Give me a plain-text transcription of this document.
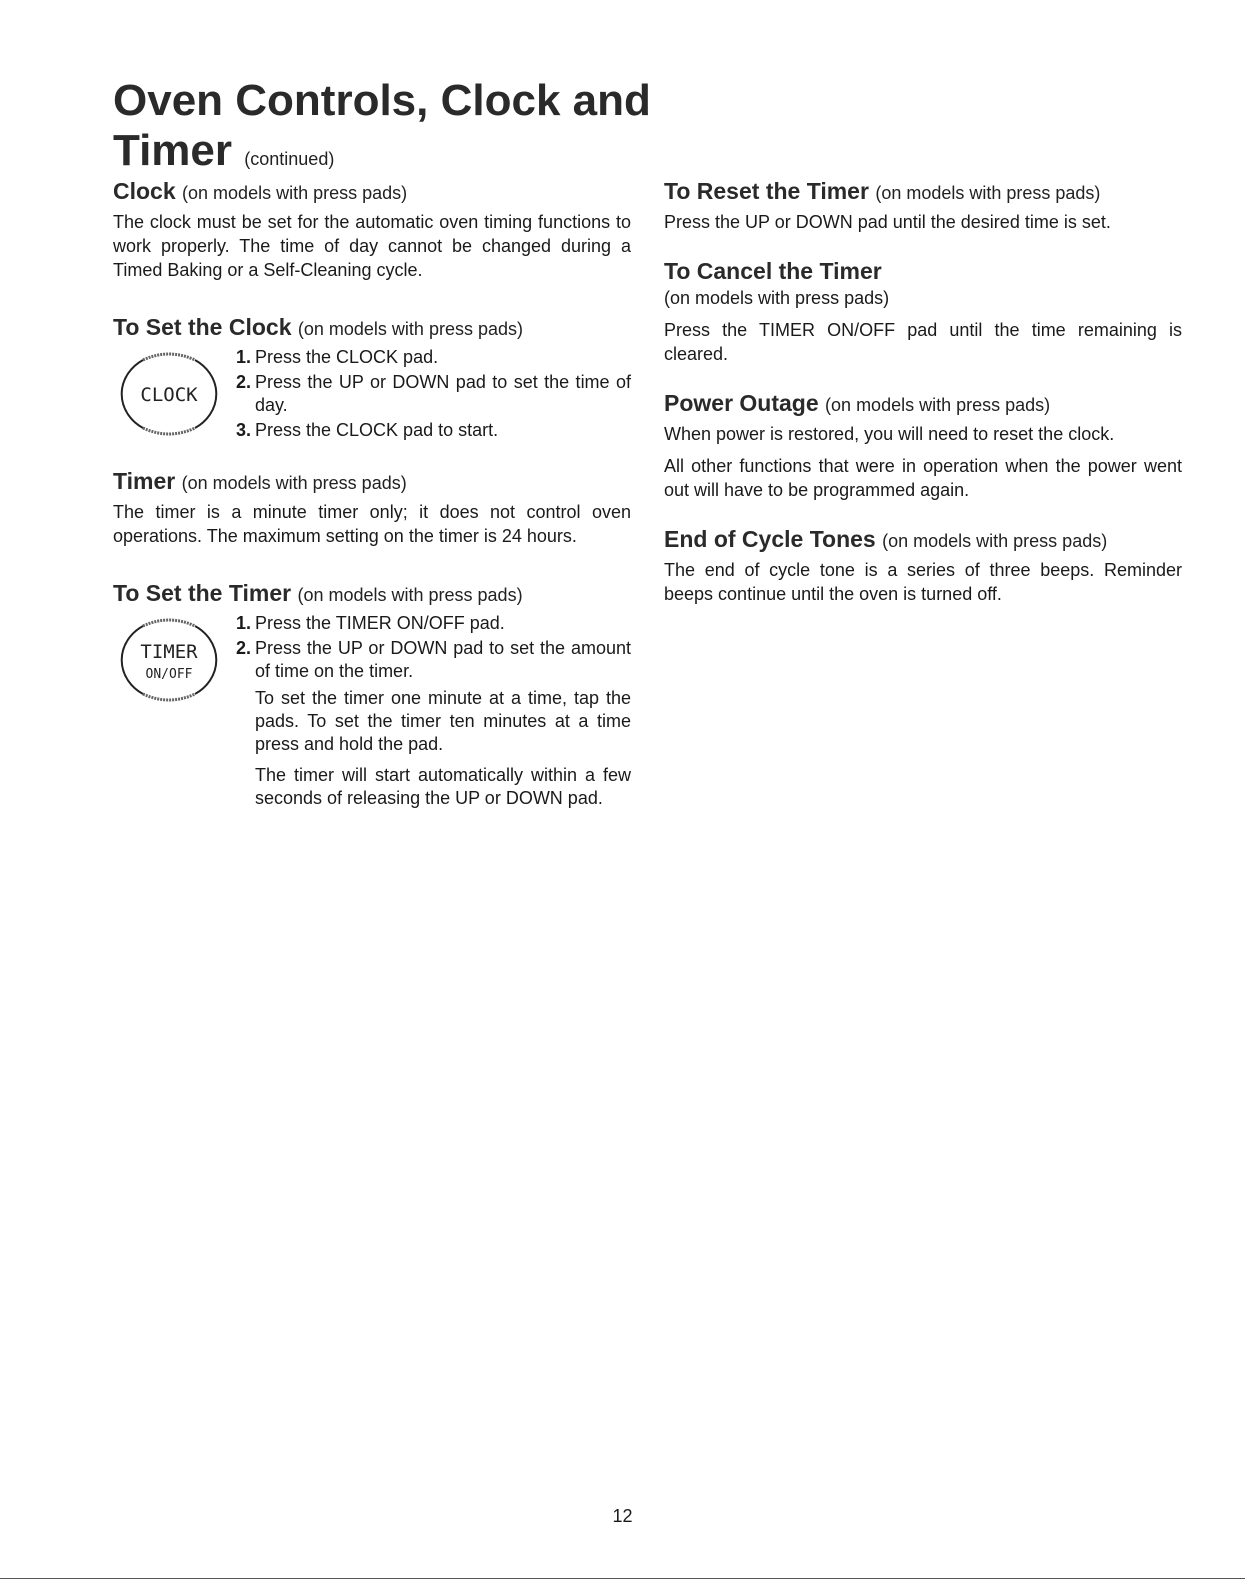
Oven Controls, Clock and
Timer (continued)
Clock (on models with press pads)

The clock must be set for the automatic oven timing functions to work properly. The time of day cannot be changed during a Timed Baking or a Self-Cleaning cycle.

To Set the Clock (on models with press pads)
CLOCK
1. Press the CLOCK pad.
2. Press the UP or DOWN pad to set the time of day.
3. Press the CLOCK pad to start.
Timer (on models with press pads)

The timer is a minute timer only; it does not control oven operations. The maximum setting on the timer is 24 hours.

To Set the Timer (on models with press pads)
TIMER
ON/OFF
1. Press the TIMER ON/OFF pad.
2. Press the UP or DOWN pad to set the amount of time on the timer.
To set the timer one minute at a time, tap the pads. To set the timer ten minutes at a time press and hold the pad.
The timer will start automatically within a few seconds of releasing the UP or DOWN pad.
To Reset the Timer (on models with press pads)

Press the UP or DOWN pad until the desired time is set.

To Cancel the Timer
(on models with press pads)

Press the TIMER ON/OFF pad until the time remaining is cleared.

Power Outage (on models with press pads)

When power is restored, you will need to reset the clock.

All other functions that were in operation when the power went out will have to be programmed again.

End of Cycle Tones (on models with press pads)

The end of cycle tone is a series of three beeps. Reminder beeps continue until the oven is turned off.

12
